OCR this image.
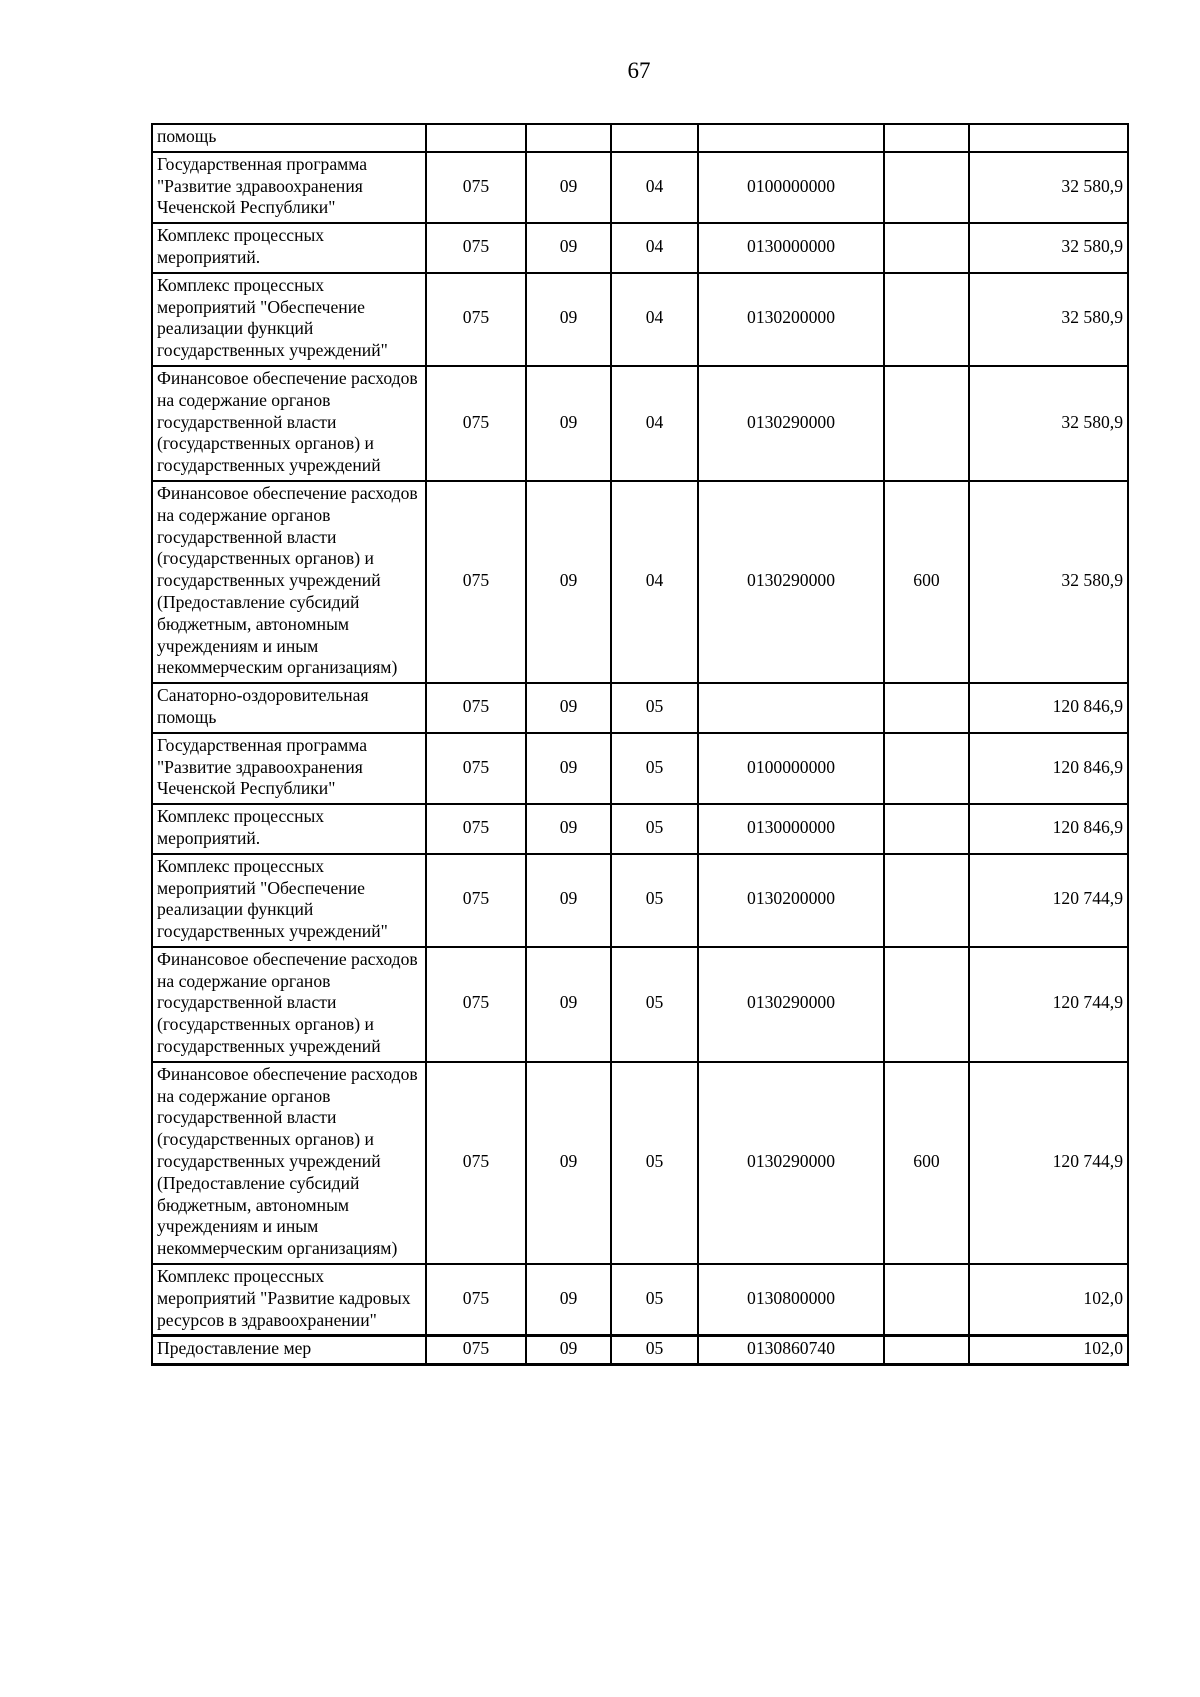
67
помощь						
Государственная программа "Развитие здравоохранения Чеченской Республики"	075	09	04	0100000000		32 580,9
Комплекс процессных мероприятий.	075	09	04	0130000000		32 580,9
Комплекс процессных мероприятий "Обеспечение реализации функций государственных учреждений"	075	09	04	0130200000		32 580,9
Финансовое обеспечение расходов на содержание органов государственной власти (государственных органов) и государственных учреждений	075	09	04	0130290000		32 580,9
Финансовое обеспечение расходов на содержание органов государственной власти (государственных органов) и государственных учреждений (Предоставление субсидий бюджетным, автономным учреждениям и иным некоммерческим организациям)	075	09	04	0130290000	600	32 580,9
Санаторно-оздоровительная помощь	075	09	05			120 846,9
Государственная программа "Развитие здравоохранения Чеченской Республики"	075	09	05	0100000000		120 846,9
Комплекс процессных мероприятий.	075	09	05	0130000000		120 846,9
Комплекс процессных мероприятий "Обеспечение реализации функций государственных учреждений"	075	09	05	0130200000		120 744,9
Финансовое обеспечение расходов на содержание органов государственной власти (государственных органов) и государственных учреждений	075	09	05	0130290000		120 744,9
Финансовое обеспечение расходов на содержание органов государственной власти (государственных органов) и государственных учреждений (Предоставление субсидий бюджетным, автономным учреждениям и иным некоммерческим организациям)	075	09	05	0130290000	600	120 744,9
Комплекс процессных мероприятий "Развитие кадровых ресурсов в здравоохранении"	075	09	05	0130800000		102,0
Предоставление мер	075	09	05	0130860740		102,0
